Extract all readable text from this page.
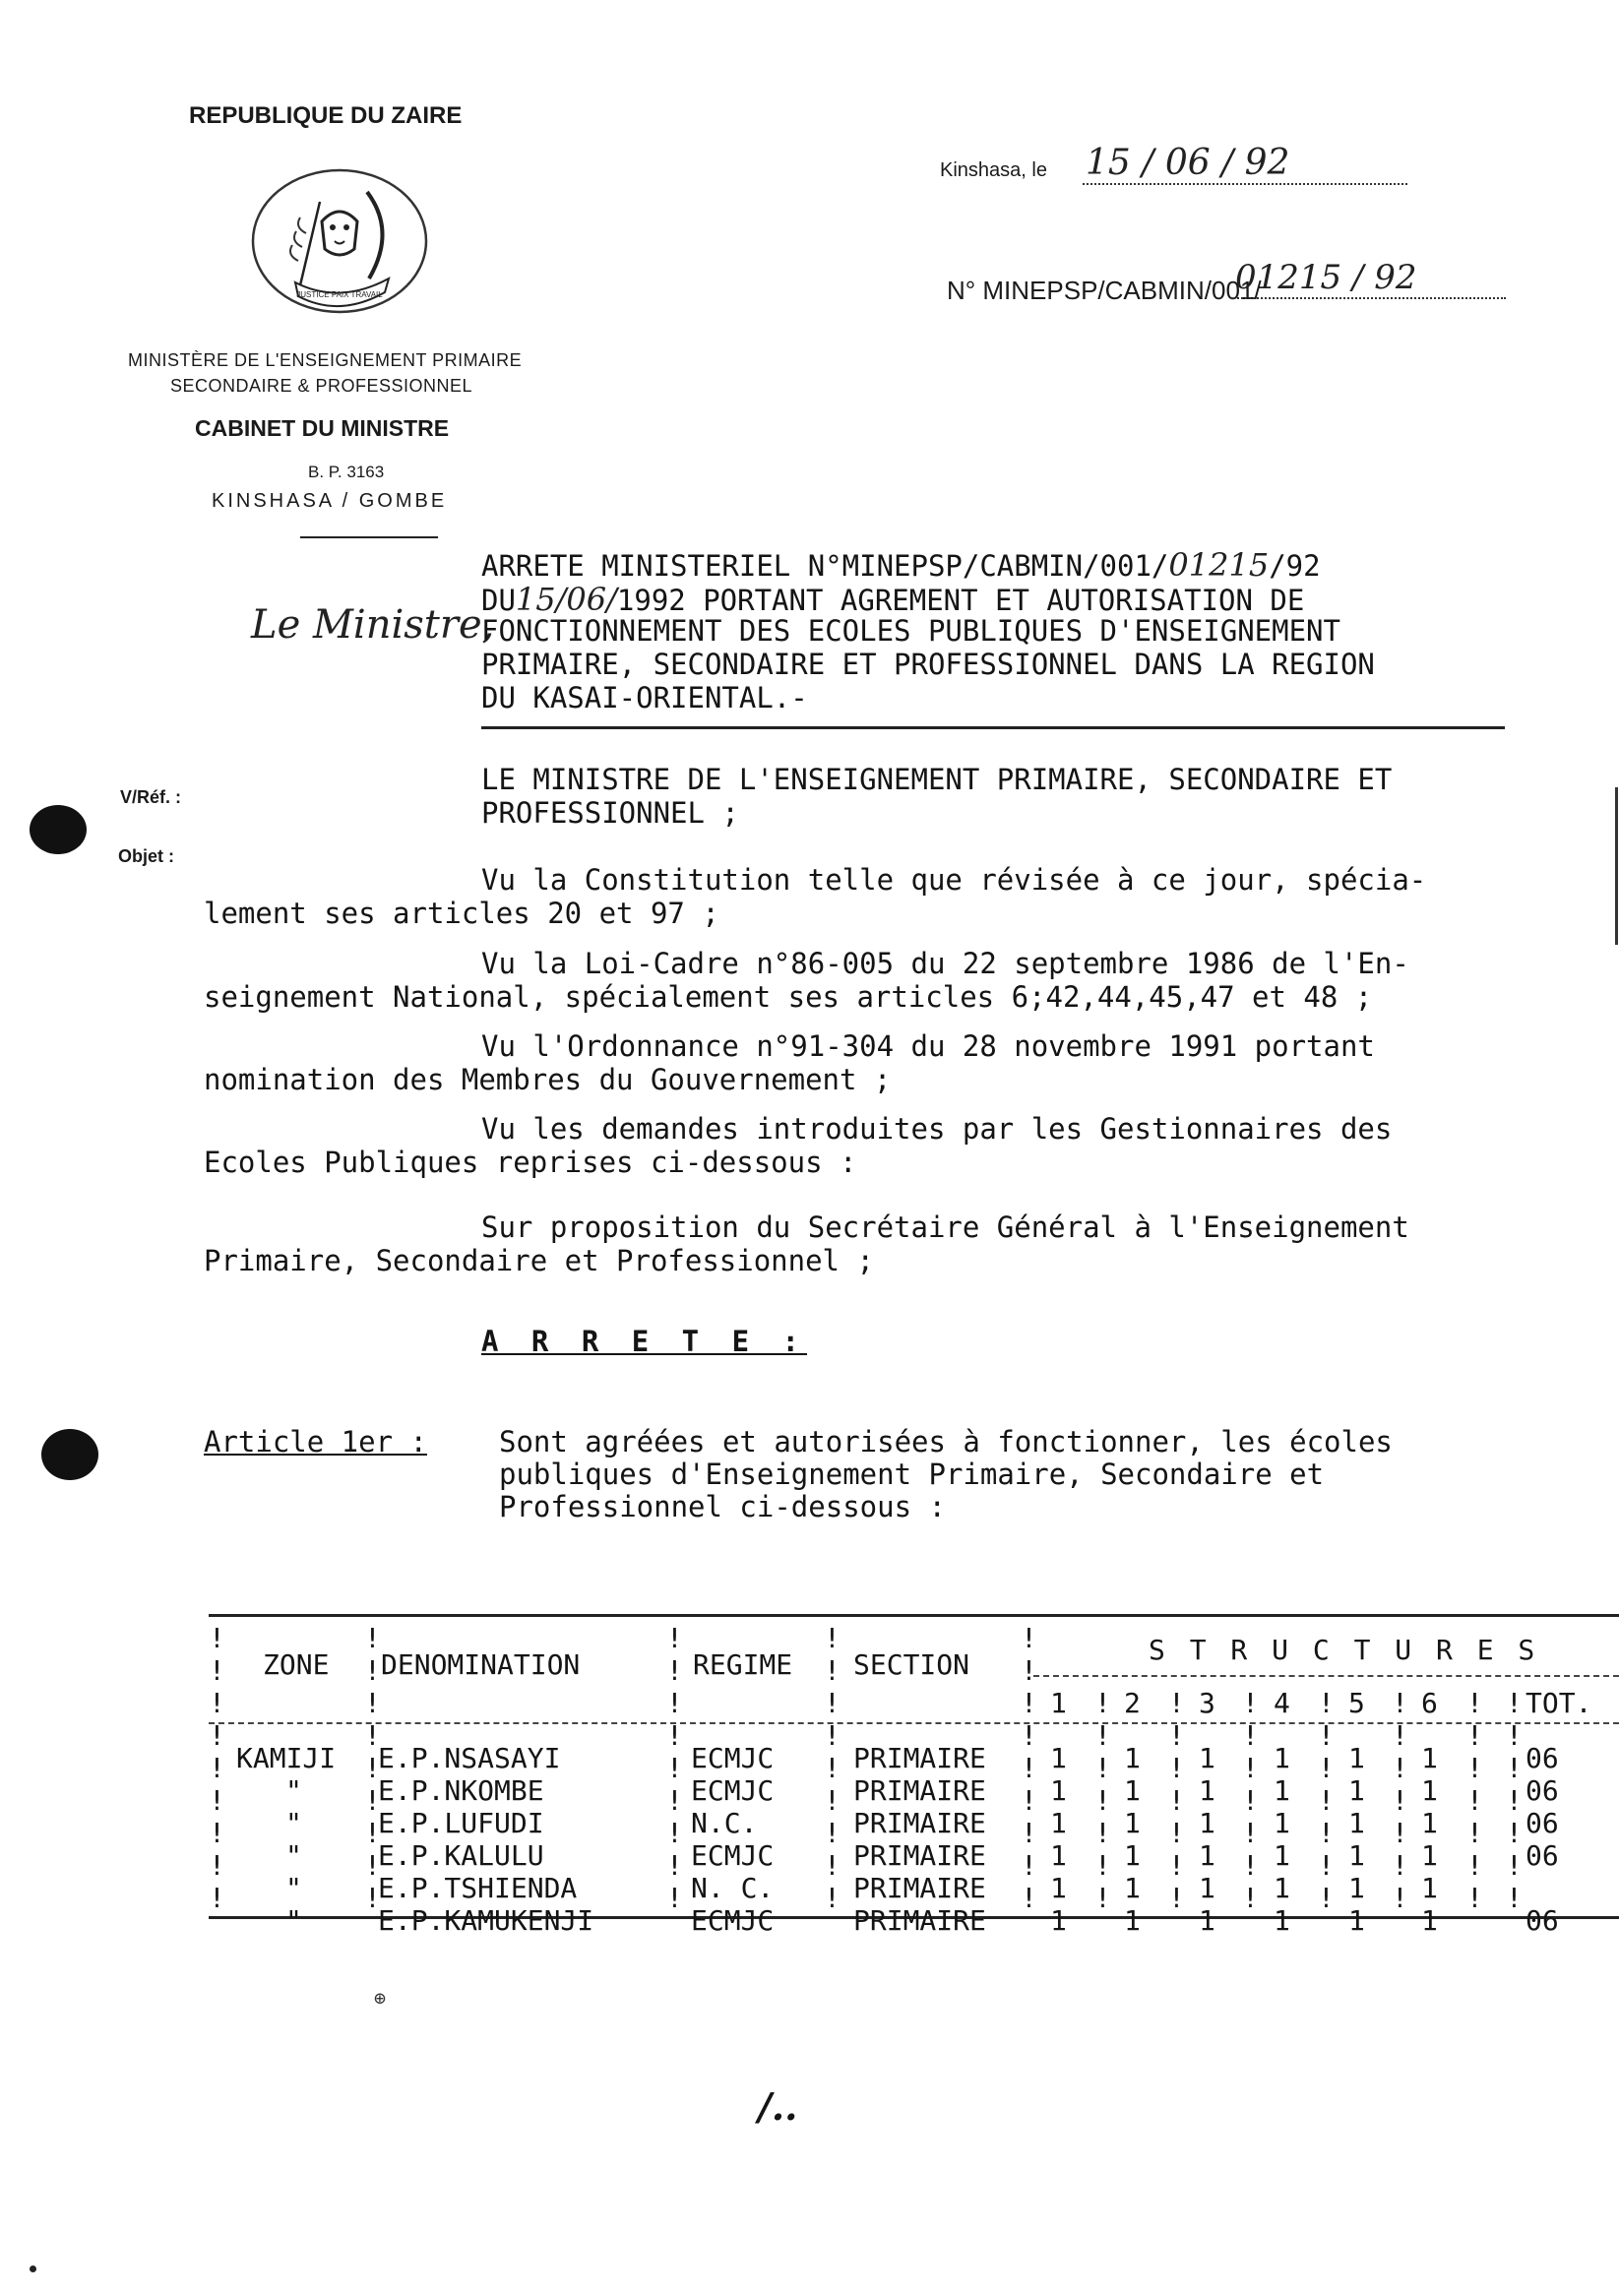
REPUBLIQUE DU ZAIRE
JUSTICE PAIX TRAVAIL
MINISTÈRE DE L'ENSEIGNEMENT PRIMAIRE
SECONDAIRE & PROFESSIONNEL
CABINET DU MINISTRE
B. P. 3163
KINSHASA / GOMBE
Kinshasa, le 15 / 06 / 92
N° MINEPSP/CABMIN/001/
01215 / 92
Le Ministre,
V/Réf. :
Objet :
ARRETE MINISTERIEL N°MINEPSP/CABMIN/001/01215/92
DU15/06/1992 PORTANT AGREMENT ET AUTORISATION DE
FONCTIONNEMENT DES ECOLES PUBLIQUES D'ENSEIGNEMENT
PRIMAIRE, SECONDAIRE ET PROFESSIONNEL DANS LA REGION
DU KASAI-ORIENTAL.-
LE MINISTRE DE L'ENSEIGNEMENT PRIMAIRE, SECONDAIRE ET
PROFESSIONNEL ;
Vu la Constitution telle que révisée à ce jour, spécia-
lement ses articles 20 et 97 ;
Vu la Loi-Cadre n°86-005 du 22 septembre 1986 de l'En-
seignement National, spécialement ses articles 6;42,44,45,47 et 48 ;
Vu l'Ordonnance n°91-304 du 28 novembre 1991 portant
nomination des Membres du Gouvernement ;
Vu les demandes introduites par les Gestionnaires des
Ecoles Publiques reprises ci-dessous :
Sur proposition du Secrétaire Général à l'Enseignement
Primaire, Secondaire et Professionnel ;
A R R E T E :
Article 1er :	Sont agréées et autorisées à fonctionner, les écoles
publiques d'Enseignement Primaire, Secondaire et
Professionnel ci-dessous :
ZONE DENOMINATION	REGIME SECTION	S T R U C T U R E S
1 2 3 4 5 6	TOT.
KAMIJI E.P.NSASAYI	ECMJC	PRIMAIRE 1 1 1 1 1 1	06
"	E.P.NKOMBE	ECMJC	PRIMAIRE 1 1 1 1 1 1	06
"	E.P.LUFUDI	N.C.	PRIMAIRE 1 1 1 1 1 1	06
"	E.P.KALULU	ECMJC	PRIMAIRE 1 1 1 1 1 1	06
"	E.P.TSHIENDA	N. C.	PRIMAIRE 1 1 1 1 1 1
"	E.P.KAMUKENJI	ECMJC	PRIMAIRE 1 1 1 1 1 1	06
!
!
!
!
!
!
!
!
!
!
!
!
!
!
!
!
!
!
!
!
!
!
!
!
!
!
!
!
!
!
!
!
!
!
!
!
!
!
!
!
!
!
!
!
!
!
!
!
!
!
!
!
!
!
!
!
!
!
!
!
!
!
!
!
!
!
!
!
!
!
!
!
!
!
!
!
!
!
!
!
!
!
!
!
!
!
!
!
!
!
!
!
!
!
⊕
/..
